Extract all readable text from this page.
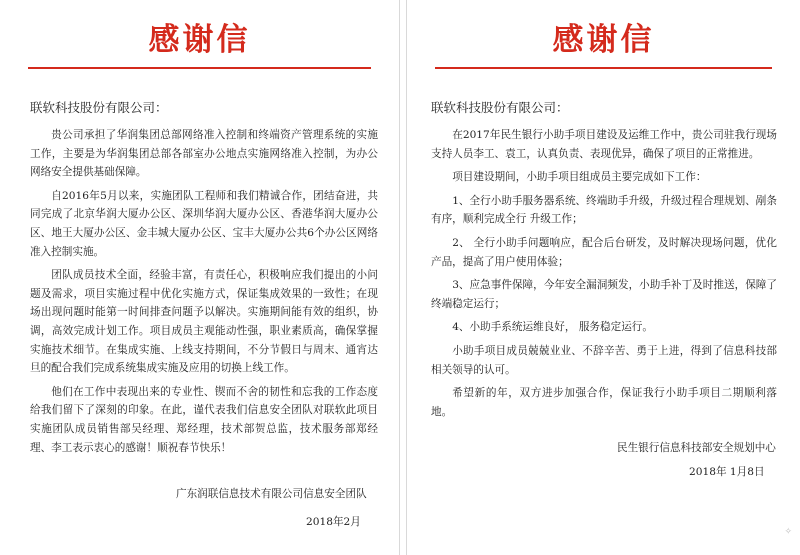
感谢信
联软科技股份有限公司：

贵公司承担了华润集团总部网络准入控制和终端资产管理系统的实施工作，主要是为华润集团总部各部室办公地点实施网络准入控制，为办公网络安全提供基础保障。

自2016年5月以来，实施团队工程师和我们精诚合作，团结奋进，共同完成了北京华润大厦办公区、深圳华润大厦办公区、香港华润大厦办公区、地王大厦办公区、金丰城大厦办公区、宝丰大厦办公共6个办公区网络准入控制实施。

团队成员技术全面，经验丰富，有责任心，积极响应我们提出的小问题及需求，项目实施过程中优化实施方式，保证集成效果的一致性；在现场出现问题时能第一时间排查问题予以解决。实施期间能有效的组织，协调，高效完成计划工作。项目成员主观能动性强，职业素质高，确保掌握实施技术细节。在集成实施、上线支持期间，不分节假日与周末、通宵达旦的配合我们完成系统集成实施及应用的切换上线工作。

他们在工作中表现出来的专业性、锲而不舍的韧性和忘我的工作态度给我们留下了深刻的印象。在此，谨代表我们信息安全团队对联软此项目实施团队成员销售部吴经理、郑经理，技术部贺总监，技术服务部郑经理、李工表示衷心的感谢！顺祝春节快乐！

广东润联信息技术有限公司信息安全团队
2018年2月
感谢信
联软科技股份有限公司：

在2017年民生银行小助手项目建设及运维工作中，贵公司驻我行现场支持人员李工、袁工，认真负责、表现优异，确保了项目的正常推进。

项目建设期间，小助手项目组成员主要完成如下工作：

1、全行小助手服务器系统、终端助手升级，升级过程合理规划、剐条有序，顺利完成全行 升级工作；

2、 全行小助手问题响应，配合后台研发，及时解决现场问题，优化产品，提高了用户使用体验；

3、应急事件保障，今年安全漏洞频发，小助手补丁及时推送，保障了终端稳定运行；

4、小助手系统运维良好， 服务稳定运行。

小助手项目成员兢兢业业、不辞辛苦、勇于上进，得到了信息科技部相关领导的认可。

希望新的年，双方进步加强合作，保证我行小助手项目二期顺利落地。

民生银行信息科技部安全规划中心
2018年 1月8日
✧
